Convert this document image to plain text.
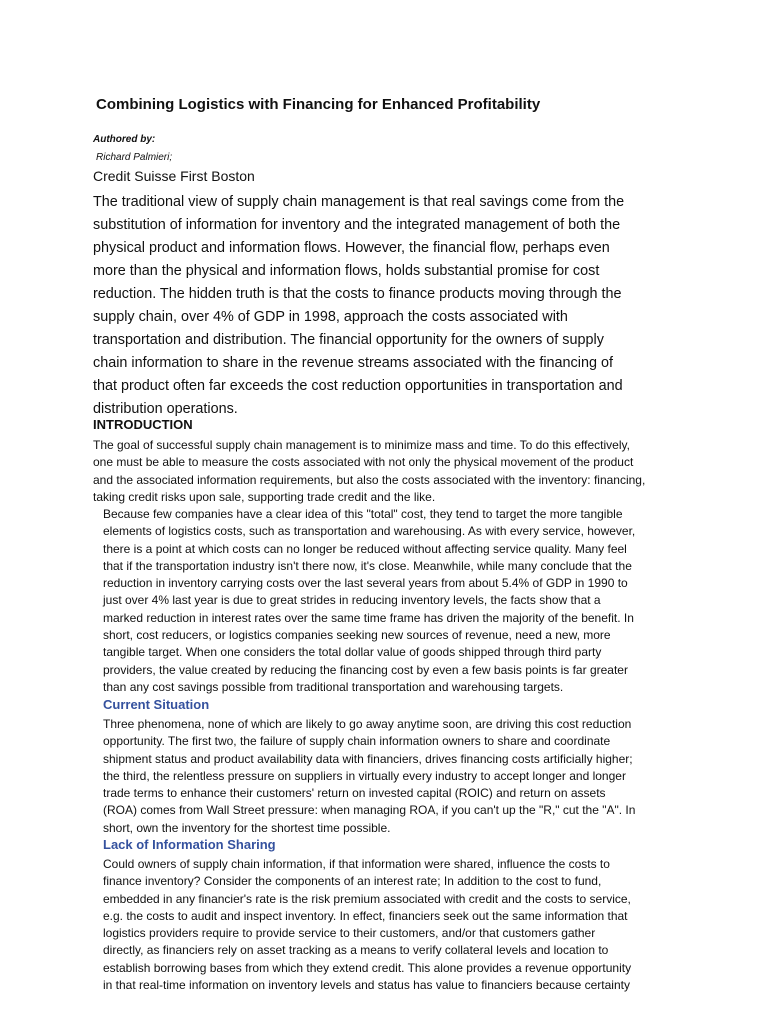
Combining Logistics with Financing for Enhanced Profitability
Authored by:
Richard Palmieri;
Credit Suisse First Boston
The traditional view of supply chain management is that real savings come from the
substitution of information for inventory and the integrated management of both the
physical product and information flows. However, the financial flow, perhaps even
more than the physical and information flows, holds substantial promise for cost
reduction. The hidden truth is that the costs to finance products moving through the
supply chain, over 4% of GDP in 1998, approach the costs associated with
transportation and distribution. The financial opportunity for the owners of supply
chain information to share in the revenue streams associated with the financing of
that product often far exceeds the cost reduction opportunities in transportation and
distribution operations.
INTRODUCTION
The goal of successful supply chain management is to minimize mass and time. To do this effectively,
one must be able to measure the costs associated with not only the physical movement of the product
and the associated information requirements, but also the costs associated with the inventory: financing,
taking credit risks upon sale, supporting trade credit and the like.
Because few companies have a clear idea of this "total" cost, they tend to target the more tangible
elements of logistics costs, such as transportation and warehousing. As with every service, however,
there is a point at which costs can no longer be reduced without affecting service quality. Many feel
that if the transportation industry isn't there now, it's close. Meanwhile, while many conclude that the
reduction in inventory carrying costs over the last several years from about 5.4% of GDP in 1990 to
just over 4% last year is due to great strides in reducing inventory levels, the facts show that a
marked reduction in interest rates over the same time frame has driven the majority of the benefit. In
short, cost reducers, or logistics companies seeking new sources of revenue, need a new, more
tangible target. When one considers the total dollar value of goods shipped through third party
providers, the value created by reducing the financing cost by even a few basis points is far greater
than any cost savings possible from traditional transportation and warehousing targets.
Current Situation
Three phenomena, none of which are likely to go away anytime soon, are driving this cost reduction
opportunity. The first two, the failure of supply chain information owners to share and coordinate
shipment status and product availability data with financiers, drives financing costs artificially higher;
the third, the relentless pressure on suppliers in virtually every industry to accept longer and longer
trade terms to enhance their customers' return on invested capital (ROIC) and return on assets
(ROA) comes from Wall Street pressure: when managing ROA, if you can't up the "R," cut the "A". In
short, own the inventory for the shortest time possible.
Lack of Information Sharing
Could owners of supply chain information, if that information were shared, influence the costs to
finance inventory? Consider the components of an interest rate; In addition to the cost to fund,
embedded in any financier's rate is the risk premium associated with credit and the costs to service,
e.g. the costs to audit and inspect inventory. In effect, financiers seek out the same information that
logistics providers require to provide service to their customers, and/or that customers gather
directly, as financiers rely on asset tracking as a means to verify collateral levels and location to
establish borrowing bases from which they extend credit. This alone provides a revenue opportunity
in that real-time information on inventory levels and status has value to financiers because certainty
